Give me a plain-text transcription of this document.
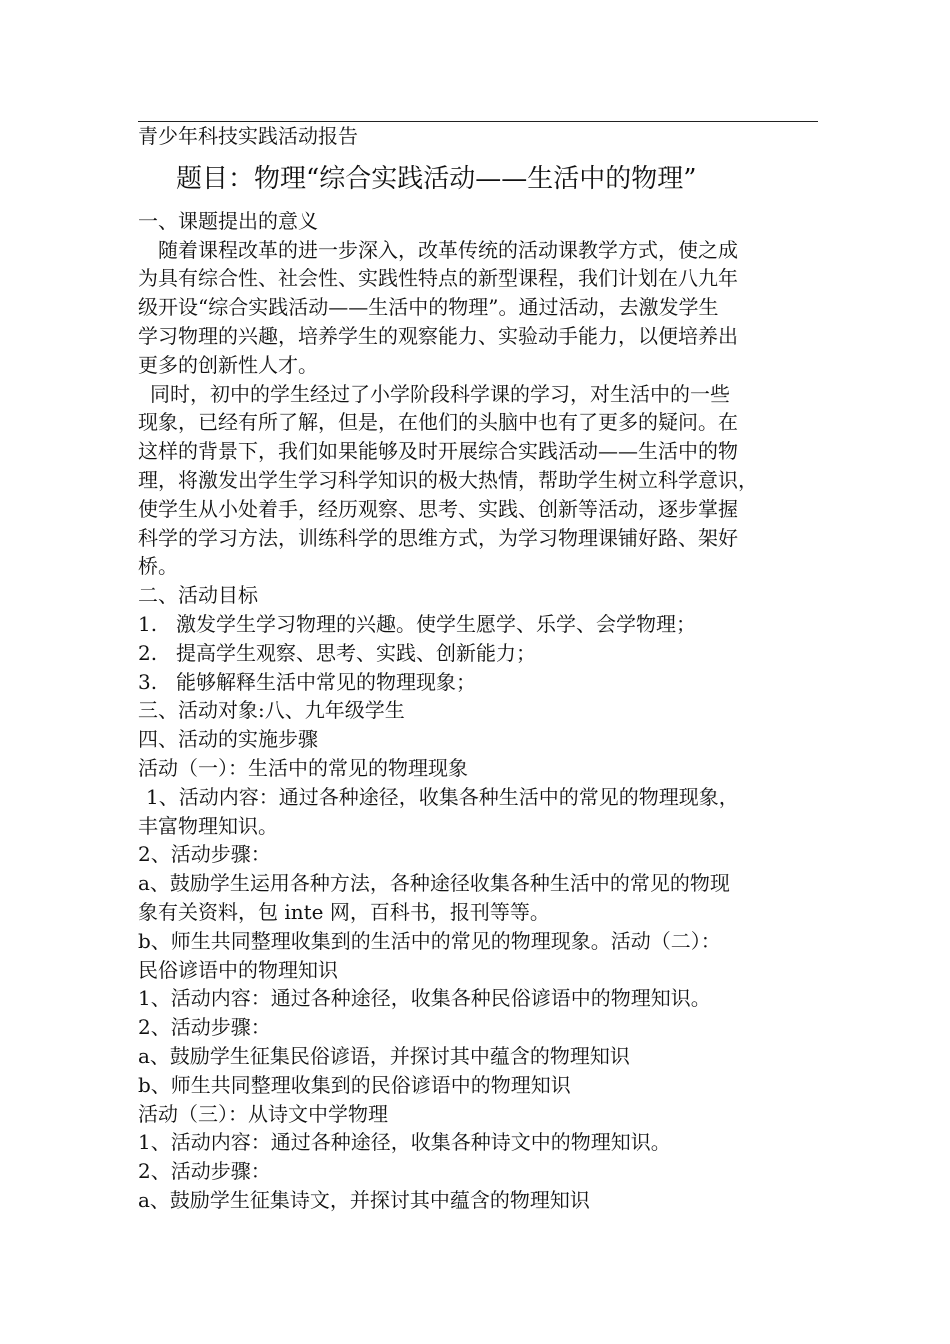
青少年科技实践活动报告
题目：物理“综合实践活动——生活中的物理”
一、课题提出的意义
随着课程改革的进一步深入，改革传统的活动课教学方式，使之成
为具有综合性、社会性、实践性特点的新型课程，我们计划在八九年
级开设“综合实践活动——生活中的物理”。通过活动，去激发学生
学习物理的兴趣，培养学生的观察能力、实验动手能力，以便培养出
更多的创新性人才。
同时，初中的学生经过了小学阶段科学课的学习，对生活中的一些
现象，已经有所了解，但是，在他们的头脑中也有了更多的疑问。在
这样的背景下，我们如果能够及时开展综合实践活动——生活中的物
理，将激发出学生学习科学知识的极大热情，帮助学生树立科学意识，
使学生从小处着手，经历观察、思考、实践、创新等活动，逐步掌握
科学的学习方法，训练科学的思维方式，为学习物理课铺好路、架好
桥。
二、活动目标
1. 激发学生学习物理的兴趣。使学生愿学、乐学、会学物理；
2. 提高学生观察、思考、实践、创新能力；
3. 能够解释生活中常见的物理现象；
三、活动对象:八、九年级学生
四、活动的实施步骤
活动（一）：生活中的常见的物理现象
1、活动内容：通过各种途径，收集各种生活中的常见的物理现象，
丰富物理知识。
2、活动步骤：
a、鼓励学生运用各种方法，各种途径收集各种生活中的常见的物现
象有关资料，包 inte 网，百科书，报刊等等。
b、师生共同整理收集到的生活中的常见的物理现象。活动（二）：
民俗谚语中的物理知识
1、活动内容：通过各种途径，收集各种民俗谚语中的物理知识。
2、活动步骤：
a、鼓励学生征集民俗谚语，并探讨其中蕴含的物理知识
b、师生共同整理收集到的民俗谚语中的物理知识
活动（三）：从诗文中学物理
1、活动内容：通过各种途径，收集各种诗文中的物理知识。
2、活动步骤：
a、鼓励学生征集诗文，并探讨其中蕴含的物理知识
